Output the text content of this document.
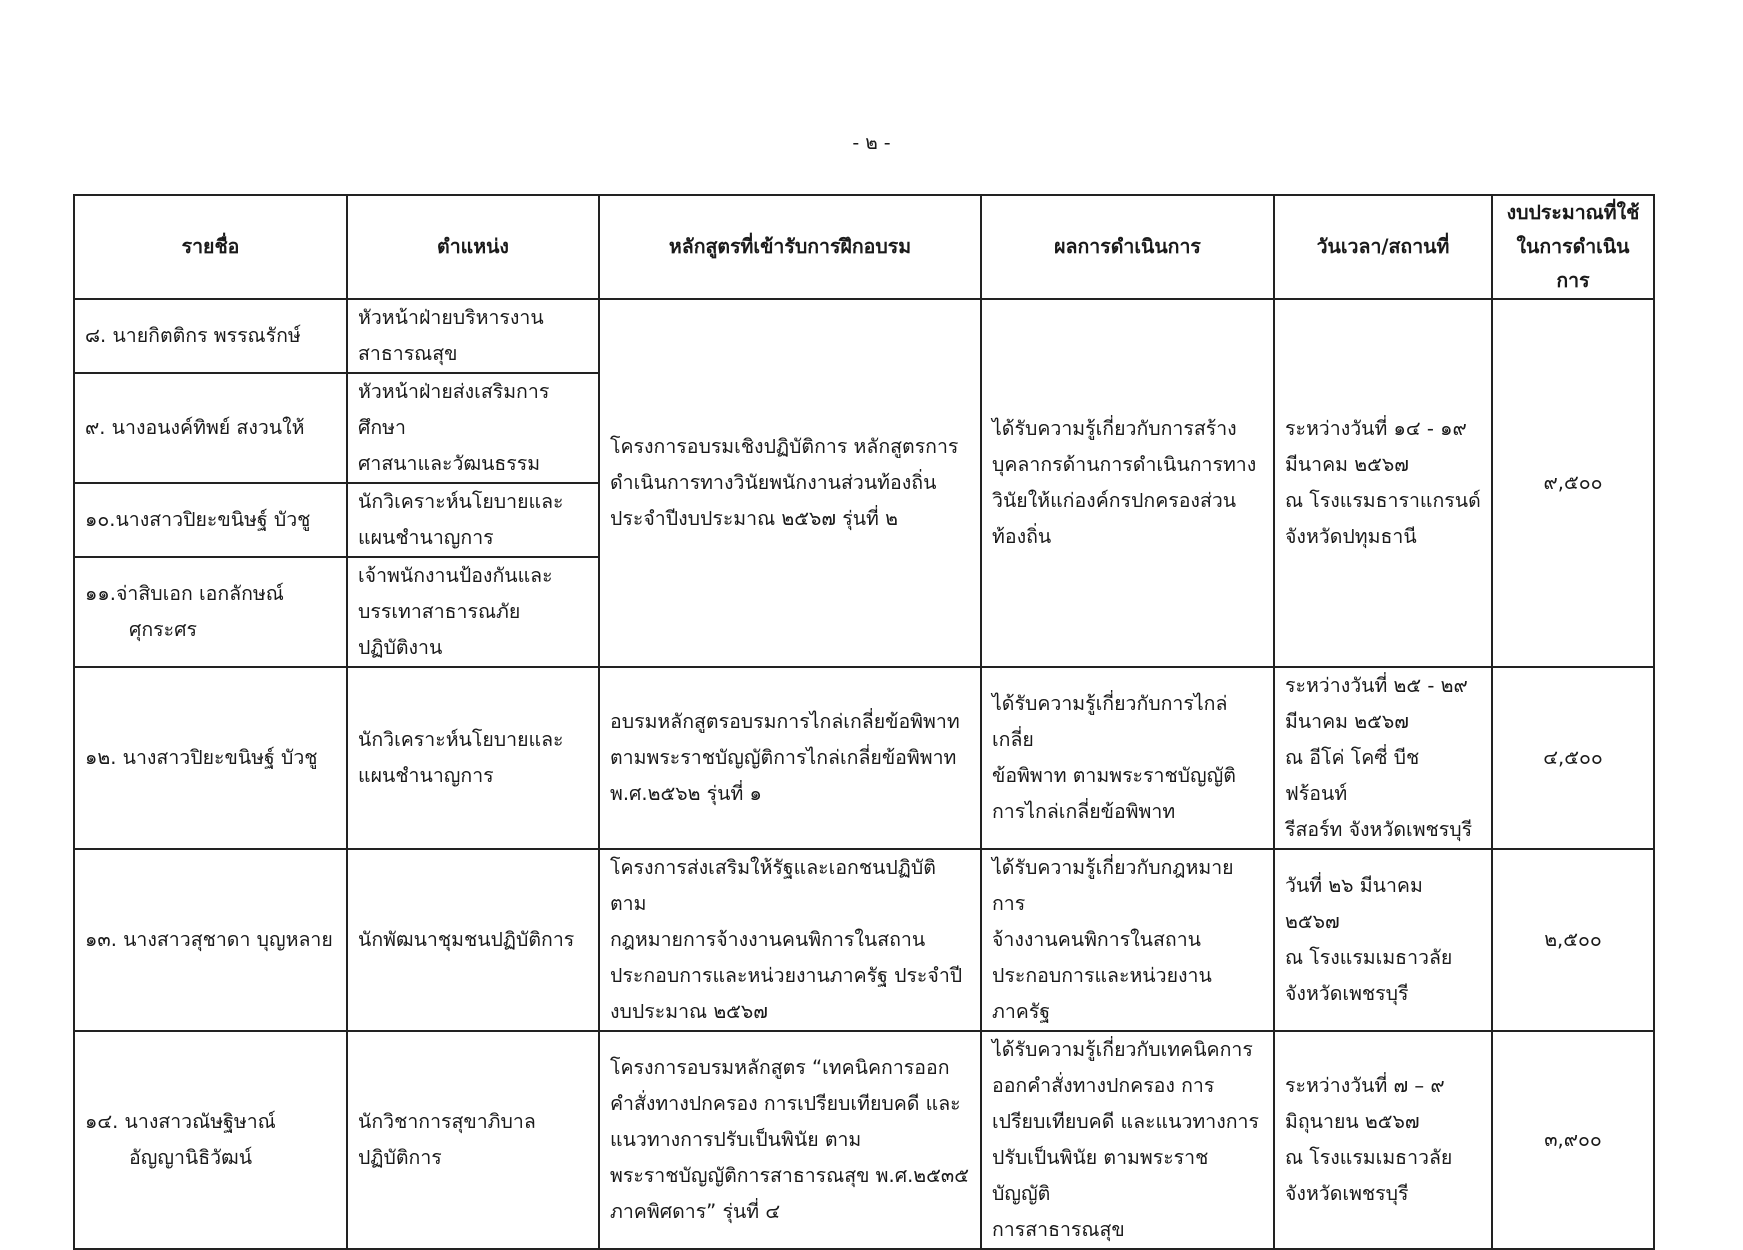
- ๒ -
รายชื่อ	ตำแหน่ง	หลักสูตรที่เข้ารับการฝึกอบรม	ผลการดำเนินการ	วันเวลา/สถานที่	งบประมาณที่ใช้
ในการดำเนินการ

๘. นายกิตติกร พรรณรักษ์	หัวหน้าฝ่ายบริหารงาน
สาธารณสุข	โครงการอบรมเชิงปฏิบัติการ หลักสูตรการดำเนินการทางวินัยพนักงานส่วนท้องถิ่นประจำปีงบประมาณ ๒๕๖๗ รุ่นที่ ๒	ได้รับความรู้เกี่ยวกับการสร้างบุคลากรด้านการดำเนินการทางวินัยให้แก่องค์กรปกครองส่วนท้องถิ่น	ระหว่างวันที่ ๑๔ - ๑๙
มีนาคม ๒๕๖๗
ณ โรงแรมธาราแกรนด์
จังหวัดปทุมธานี	๙,๕๐๐
๙. นางอนงค์ทิพย์ สงวนให้	หัวหน้าฝ่ายส่งเสริมการศึกษา
ศาสนาและวัฒนธรรม				

๑๐.นางสาวปิยะขนิษฐ์ บัวชู	นักวิเคราะห์นโยบายและ
แผนชำนาญการ				

๑๑.จ่าสิบเอก เอกลักษณ์
ศุกระศร	เจ้าพนักงานป้องกันและ
บรรเทาสาธารณภัย
ปฏิบัติงาน				

๑๒. นางสาวปิยะขนิษฐ์ บัวชู	นักวิเคราะห์นโยบายและ
แผนชำนาญการ	อบรมหลักสูตรอบรมการไกล่เกลี่ยข้อพิพาท
ตามพระราชบัญญัติการไกล่เกลี่ยข้อพิพาท
พ.ศ.๒๕๖๒ รุ่นที่ ๑	ได้รับความรู้เกี่ยวกับการไกล่เกลี่ย
ข้อพิพาท ตามพระราชบัญญัติ
การไกล่เกลี่ยข้อพิพาท	ระหว่างวันที่ ๒๕ - ๒๙
มีนาคม ๒๕๖๗
ณ อีโค่ โคซี่ บีชฟร้อนท์
รีสอร์ท จังหวัดเพชรบุรี	๔,๕๐๐
๑๓. นางสาวสุชาดา บุญหลาย	นักพัฒนาชุมชนปฏิบัติการ	โครงการส่งเสริมให้รัฐและเอกชนปฏิบัติตาม
กฎหมายการจ้างงานคนพิการในสถาน
ประกอบการและหน่วยงานภาครัฐ ประจำปี
งบประมาณ ๒๕๖๗	ได้รับความรู้เกี่ยวกับกฎหมายการ
จ้างงานคนพิการในสถาน
ประกอบการและหน่วยงาน
ภาครัฐ	วันที่ ๒๖ มีนาคม ๒๕๖๗
ณ โรงแรมเมธาวลัย
จังหวัดเพชรบุรี	๒,๕๐๐
๑๔. นางสาวณัษฐิษาณ์
อัญญานิธิวัฒน์	นักวิชาการสุขาภิบาล
ปฏิบัติการ	โครงการอบรมหลักสูตร “เทคนิคการออก
คำสั่งทางปกครอง การเปรียบเทียบคดี และ
แนวทางการปรับเป็นพินัย ตาม
พระราชบัญญัติการสาธารณสุข พ.ศ.๒๕๓๕
ภาคพิศดาร” รุ่นที่ ๔	ได้รับความรู้เกี่ยวกับเทคนิคการ
ออกคำสั่งทางปกครอง การ
เปรียบเทียบคดี และแนวทางการ
ปรับเป็นพินัย ตามพระราชบัญญัติ
การสาธารณสุข	ระหว่างวันที่ ๗ – ๙
มิถุนายน ๒๕๖๗
ณ โรงแรมเมธาวลัย
จังหวัดเพชรบุรี	๓,๙๐๐
